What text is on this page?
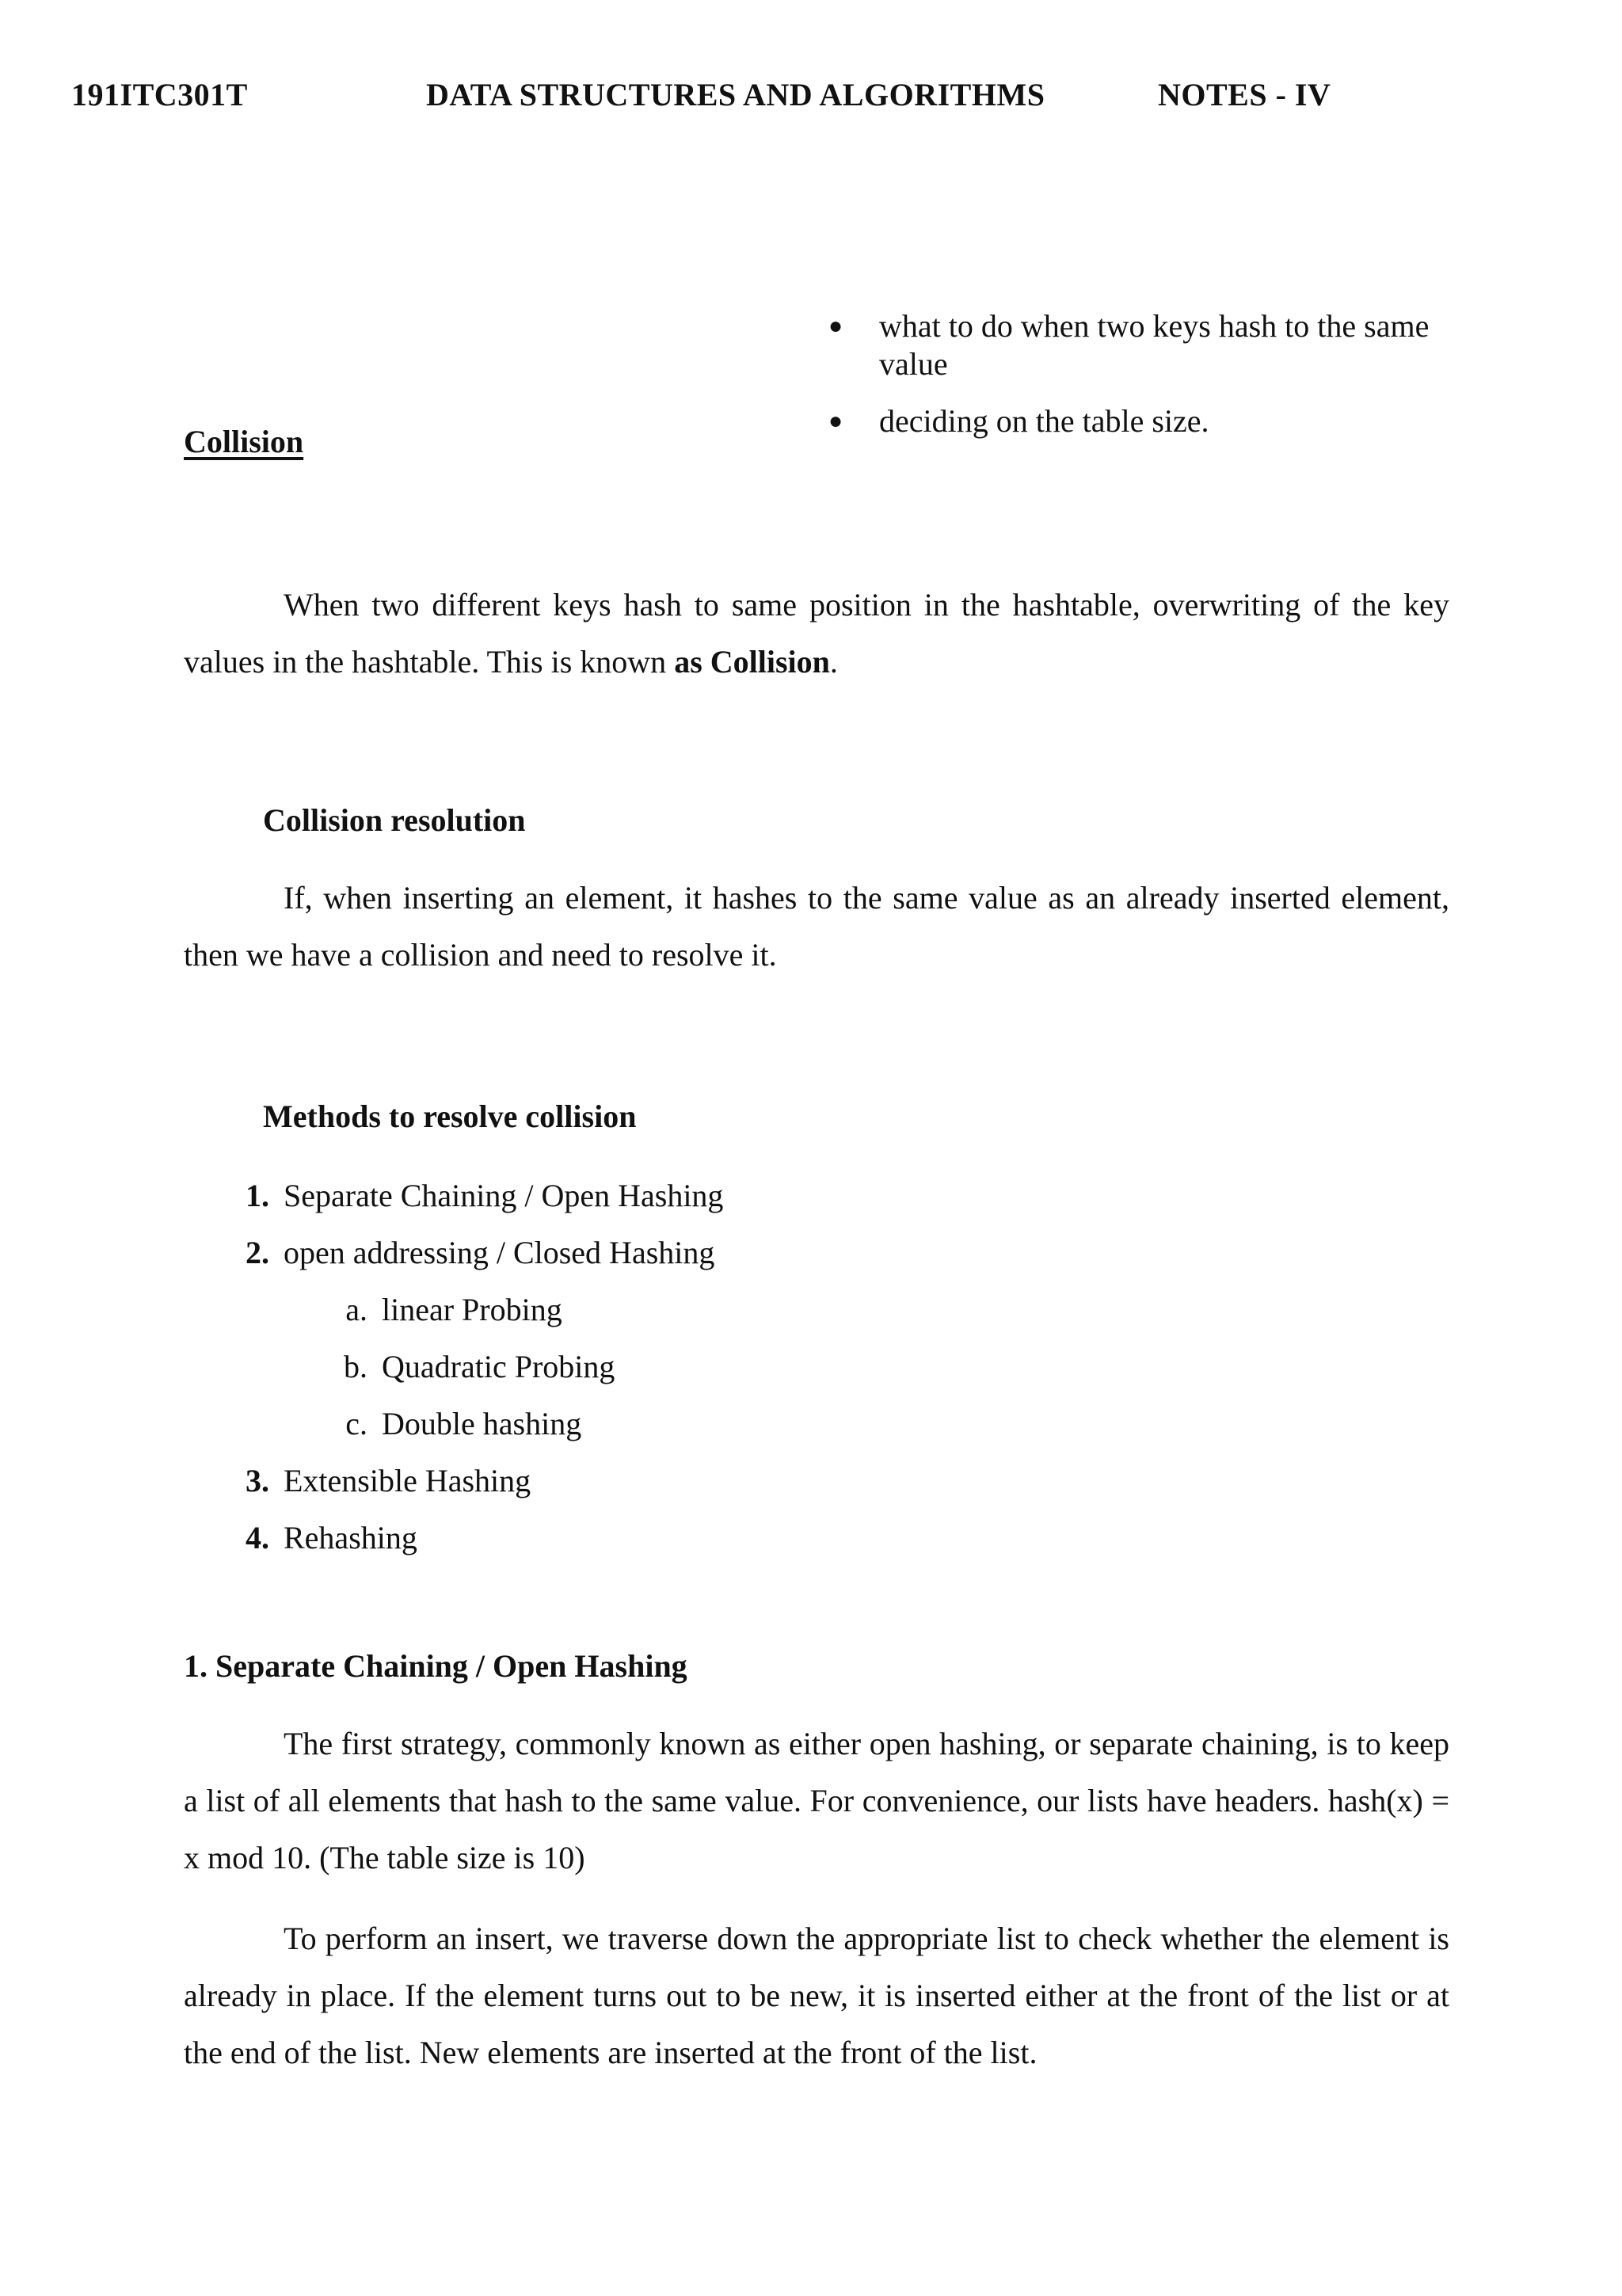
191ITC301T	DATA STRUCTURES AND ALGORITHMS	NOTES - IV
● what to do when two keys hash to the same value
● deciding on the table size.
Collision

When two different keys hash to same position in the hashtable, overwriting of the key values in the hashtable. This is known as Collision.

Collision resolution

If, when inserting an element, it hashes to the same value as an already inserted element, then we have a collision and need to resolve it.

Methods to resolve collision
1. Separate Chaining / Open Hashing
2. open addressing / Closed Hashing
a. linear Probing
b. Quadratic Probing
c. Double hashing
3. Extensible Hashing
4. Rehashing
1. Separate Chaining / Open Hashing

The first strategy, commonly known as either open hashing, or separate chaining, is to keep a list of all elements that hash to the same value. For convenience, our lists have headers. hash(x) = x mod 10. (The table size is 10)

To perform an insert, we traverse down the appropriate list to check whether the element is already in place. If the element turns out to be new, it is inserted either at the front of the list or at the end of the list. New elements are inserted at the front of the list.
